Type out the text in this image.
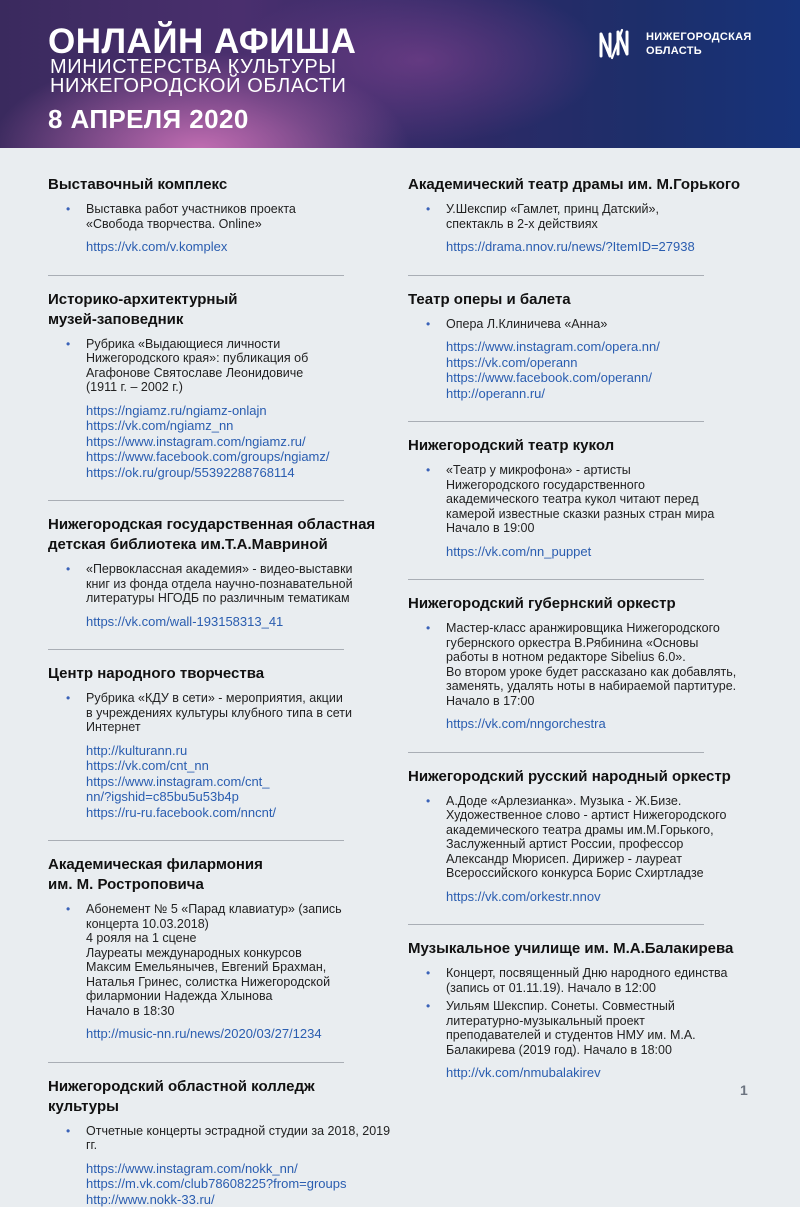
ОНЛАЙН АФИША
МИНИСТЕРСТВА КУЛЬТУРЫ
НИЖЕГОРОДСКОЙ ОБЛАСТИ
8 АПРЕЛЯ 2020
НИЖЕГОРОДСКАЯ
ОБЛАСТЬ
Выставочный комплекс
• Выставка работ участников проекта
«Свобода творчества. Online»
https://vk.com/v.komplex
Историко-архитектурный
музей-заповедник
• Рубрика «Выдающиеся личности
Нижегородского края»: публикация об
Агафонове Святославе Леонидовиче
(1911 г. – 2002 г.)
https://ngiamz.ru/ngiamz-onlajn
https://vk.com/ngiamz_nn
https://www.instagram.com/ngiamz.ru/
https://www.facebook.com/groups/ngiamz/
https://ok.ru/group/55392288768114
Нижегородская государственная областная
детская библиотека им.Т.А.Мавриной
• «Первоклассная академия» - видео-выставки
книг из фонда отдела научно-познавательной
литературы НГОДБ по различным тематикам
https://vk.com/wall-193158313_41
Центр народного творчества
• Рубрика «КДУ в сети» - мероприятия, акции
в учреждениях культуры клубного типа в сети
Интернет
http://kulturann.ru
https://vk.com/cnt_nn
https://www.instagram.com/cnt_
nn/?igshid=c85bu5u53b4p
https://ru-ru.facebook.com/nncnt/
Академическая филармония
им. М. Ростроповича
• Абонемент № 5 «Парад клавиатур» (запись
концерта 10.03.2018)
4 рояля на 1 сцене
Лауреаты международных конкурсов
Максим Емельянычев, Евгений Брахман,
Наталья Гринес, солистка Нижегородской
филармонии Надежда Хлынова
Начало в 18:30
http://music-nn.ru/news/2020/03/27/1234
Нижегородский областной колледж
культуры
• Отчетные концерты эстрадной студии за 2018, 2019 гг.
https://www.instagram.com/nokk_nn/
https://m.vk.com/club78608225?from=groups
http://www.nokk-33.ru/
Академический театр драмы им. М.Горького
• У.Шекспир «Гамлет, принц Датский»,
спектакль в 2-х действиях
https://drama.nnov.ru/news/?ItemID=27938
Театр оперы и балета
• Опера Л.Клиничева «Анна»
https://www.instagram.com/opera.nn/
https://vk.com/operann
https://www.facebook.com/operann/
http://operann.ru/
Нижегородский театр кукол
• «Театр у микрофона» - артисты
Нижегородского государственного
академического театра кукол читают перед
камерой известные сказки разных стран мира
Начало в 19:00
https://vk.com/nn_puppet
Нижегородский губернский оркестр
• Мастер-класс аранжировщика Нижегородского
губернского оркестра В.Рябинина «Основы
работы в нотном редакторе Sibelius 6.0».
Во втором уроке будет рассказано как добавлять,
заменять, удалять ноты в набираемой партитуре.
Начало в 17:00
https://vk.com/nngorchestra
Нижегородский русский народный оркестр
• А.Доде «Арлезианка». Музыка - Ж.Бизе.
Художественное слово - артист Нижегородского
академического театра драмы им.М.Горького,
Заслуженный артист России, профессор
Александр Мюрисеп. Дирижер - лауреат
Всероссийского конкурса Борис Схиртладзе
https://vk.com/orkestr.nnov
Музыкальное училище им. М.А.Балакирева
• Концерт, посвященный Дню народного единства
(запись от 01.11.19). Начало в 12:00
• Уильям Шекспир. Сонеты. Совместный
литературно-музыкальный проект
преподавателей и студентов НМУ им. М.А.
Балакирева (2019 год). Начало в 18:00
http://vk.com/nmubalakirev
1
